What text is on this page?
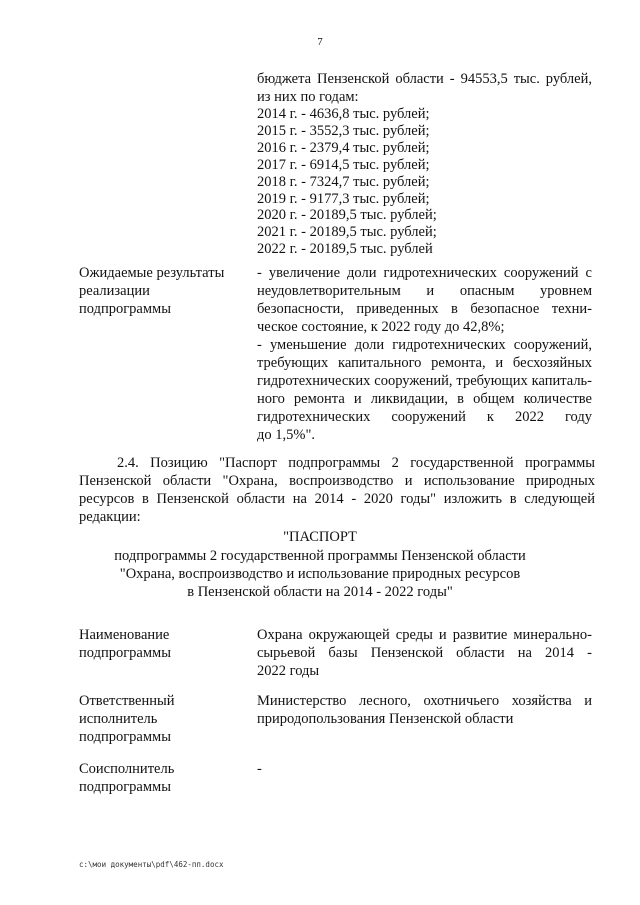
7
бюджета Пензенской области - 94553,5 тыс. рублей,
из них по годам:
2014 г. - 4636,8 тыс. рублей;
2015 г. - 3552,3 тыс. рублей;
2016 г. - 2379,4 тыс. рублей;
2017 г. - 6914,5 тыс. рублей;
2018 г. - 7324,7 тыс. рублей;
2019 г. - 9177,3 тыс. рублей;
2020 г. - 20189,5 тыс. рублей;
2021 г. - 20189,5 тыс. рублей;
2022 г. - 20189,5 тыс. рублей
Ожидаемые результаты
реализации
подпрограммы
- увеличение доли гидротехнических сооружений с
неудовлетворительным и опасным уровнем
безопасности, приведенных в безопасное техни-
ческое состояние, к 2022 году до 42,8%;
- уменьшение доли гидротехнических сооружений,
требующих капитального ремонта, и бесхозяйных
гидротехнических сооружений, требующих капиталь-
ного ремонта и ликвидации, в общем количестве
гидротехнических сооружений к 2022 году
до 1,5%".
2.4. Позицию "Паспорт подпрограммы 2 государственной программы
Пензенской области "Охрана, воспроизводство и использование природных
ресурсов в Пензенской области на 2014 - 2020 годы" изложить в следующей
редакции:
"ПАСПОРТ
подпрограммы 2 государственной программы Пензенской области
"Охрана, воспроизводство и использование природных ресурсов
в Пензенской области на 2014 - 2022 годы"
Наименование
подпрограммы
Охрана окружающей среды и развитие минерально-
сырьевой базы Пензенской области на 2014 -
2022 годы
Ответственный
исполнитель
подпрограммы
Министерство лесного, охотничьего хозяйства и
природопользования Пензенской области
Соисполнитель
подпрограммы
-
c:\мои документы\pdf\462-пп.docx
